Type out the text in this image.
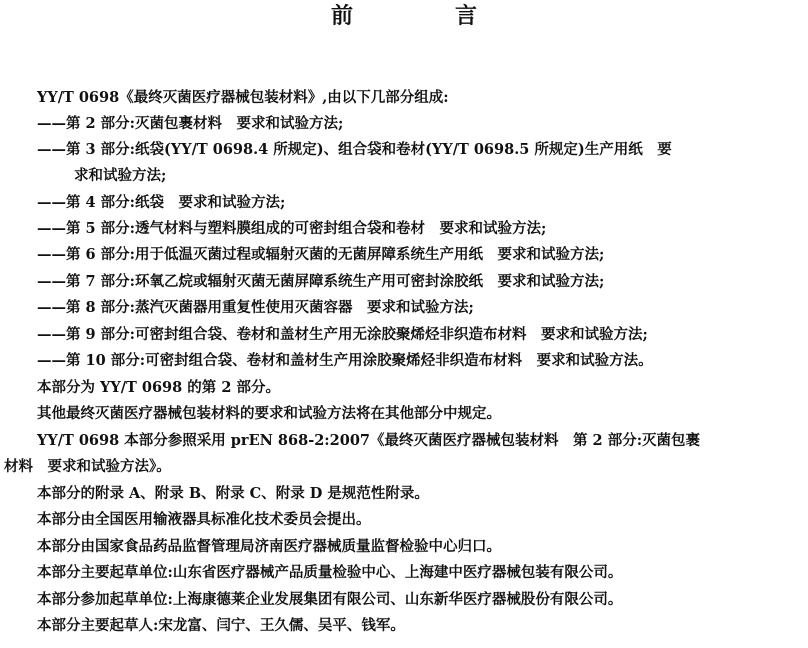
前　言
YY/T 0698《最终灭菌医疗器械包装材料》,由以下几部分组成:
——第 2 部分:灭菌包裹材料　要求和试验方法;
——第 3 部分:纸袋(YY/T 0698.4 所规定)、组合袋和卷材(YY/T 0698.5 所规定)生产用纸　要
求和试验方法;
——第 4 部分:纸袋　要求和试验方法;
——第 5 部分:透气材料与塑料膜组成的可密封组合袋和卷材　要求和试验方法;
——第 6 部分:用于低温灭菌过程或辐射灭菌的无菌屏障系统生产用纸　要求和试验方法;
——第 7 部分:环氧乙烷或辐射灭菌无菌屏障系统生产用可密封涂胶纸　要求和试验方法;
——第 8 部分:蒸汽灭菌器用重复性使用灭菌容器　要求和试验方法;
——第 9 部分:可密封组合袋、卷材和盖材生产用无涂胶聚烯烃非织造布材料　要求和试验方法;
——第 10 部分:可密封组合袋、卷材和盖材生产用涂胶聚烯烃非织造布材料　要求和试验方法。
本部分为 YY/T 0698 的第 2 部分。
其他最终灭菌医疗器械包装材料的要求和试验方法将在其他部分中规定。
YY/T 0698 本部分参照采用 prEN 868-2:2007《最终灭菌医疗器械包装材料　第 2 部分:灭菌包裹
材料　要求和试验方法》。
本部分的附录 A、附录 B、附录 C、附录 D 是规范性附录。
本部分由全国医用输液器具标准化技术委员会提出。
本部分由国家食品药品监督管理局济南医疗器械质量监督检验中心归口。
本部分主要起草单位:山东省医疗器械产品质量检验中心、上海建中医疗器械包装有限公司。
本部分参加起草单位:上海康德莱企业发展集团有限公司、山东新华医疗器械股份有限公司。
本部分主要起草人:宋龙富、闫宁、王久儒、吴平、钱军。
